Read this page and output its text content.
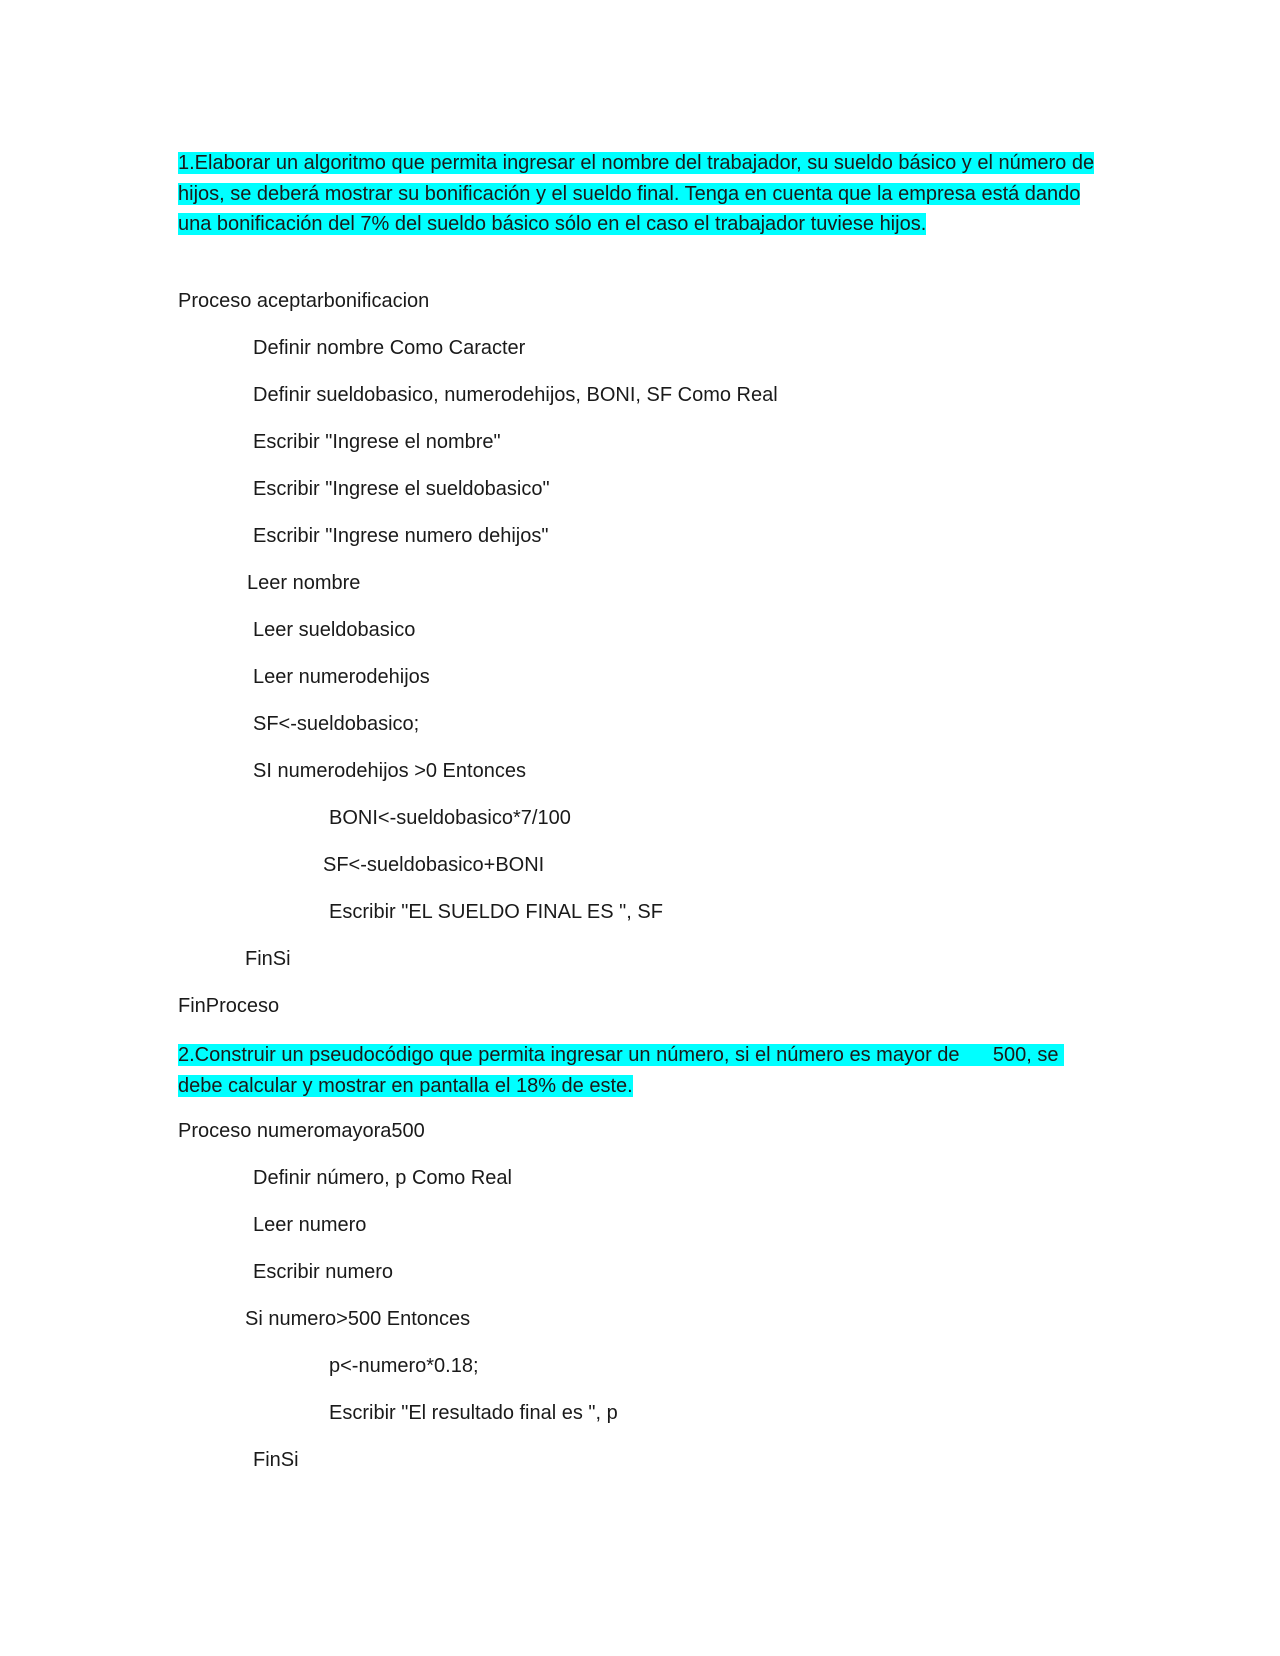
1.Elaborar un algoritmo que permita ingresar el nombre del trabajador, su sueldo básico y el número de hijos, se deberá mostrar su bonificación y el sueldo final. Tenga en cuenta que la empresa está dando una bonificación del 7% del sueldo básico sólo en el caso el trabajador tuviese hijos.

Proceso aceptarbonificacion

Definir nombre Como Caracter

Definir sueldobasico, numerodehijos, BONI, SF Como Real

Escribir "Ingrese el nombre"

Escribir "Ingrese el sueldobasico"

Escribir "Ingrese numero dehijos"

Leer nombre

Leer sueldobasico

Leer numerodehijos

SF<-sueldobasico;

SI numerodehijos >0 Entonces

BONI<-sueldobasico*7/100

SF<-sueldobasico+BONI

Escribir "EL SUELDO FINAL ES ", SF

FinSi

FinProceso

2.Construir un pseudocódigo que permita ingresar un número, si el número es mayor de      500, se debe calcular y mostrar en pantalla el 18% de este.

Proceso numeromayora500

Definir número, p Como Real

Leer numero

Escribir numero

Si numero>500 Entonces

p<-numero*0.18;

Escribir "El resultado final es ", p

FinSi
